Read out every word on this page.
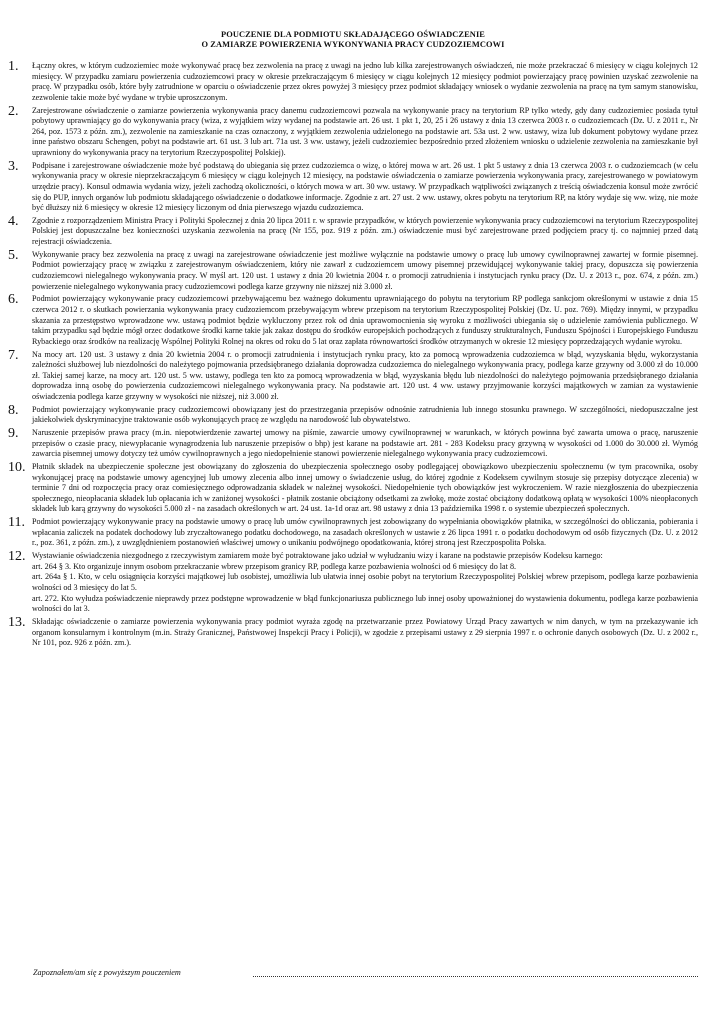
POUCZENIE DLA PODMIOTU SKŁADAJĄCEGO OŚWIADCZENIE
O ZAMIARZE POWIERZENIA WYKONYWANIA PRACY CUDZOZIEMCOWI
1.	Łączny okres, w którym cudzoziemiec może wykonywać pracę bez zezwolenia na pracę z uwagi na jedno lub kilka zarejestrowanych oświadczeń, nie może przekraczać 6 miesięcy w ciągu kolejnych 12 miesięcy. W przypadku zamiaru powierzenia cudzoziemcowi pracy w okresie przekraczającym 6 miesięcy w ciągu kolejnych 12 miesięcy podmiot powierzający pracę powinien uzyskać zezwolenie na pracę. W przypadku osób, które były zatrudnione w oparciu o oświadczenie przez okres powyżej 3 miesięcy przez podmiot składający wniosek o wydanie zezwolenia na pracę na tym samym stanowisku, zezwolenie takie może być wydane w trybie uproszczonym.

2.	Zarejestrowane oświadczenie o zamiarze powierzenia wykonywania pracy danemu cudzoziemcowi pozwala na wykonywanie pracy na terytorium RP tylko wtedy, gdy dany cudzoziemiec posiada tytuł pobytowy uprawniający go do wykonywania pracy (wiza, z wyjątkiem wizy wydanej na podstawie art. 26 ust. 1 pkt 1, 20, 25 i 26 ustawy z dnia 13 czerwca 2003 r. o cudzoziemcach (Dz. U. z 2011 r., Nr 264, poz. 1573 z późn. zm.), zezwolenie na zamieszkanie na czas oznaczony, z wyjątkiem zezwolenia udzielonego na podstawie art. 53a ust. 2 ww. ustawy, wiza lub dokument pobytowy wydane przez inne państwo obszaru Schengen, pobyt na podstawie art. 61 ust. 3 lub art. 71a ust. 3 ww. ustawy, jeżeli cudzoziemiec bezpośrednio przed złożeniem wniosku o udzielenie zezwolenia na zamieszkanie był uprawniony do wykonywania pracy na terytorium Rzeczypospolitej Polskiej).

3.	Podpisane i zarejestrowane oświadczenie może być podstawą do ubiegania się przez cudzoziemca o wizę, o której mowa w art. 26 ust. 1 pkt 5 ustawy z dnia 13 czerwca 2003 r. o cudzoziemcach (w celu wykonywania pracy w okresie nieprzekraczającym 6 miesięcy w ciągu kolejnych 12 miesięcy, na podstawie oświadczenia o zamiarze powierzenia wykonywania pracy, zarejestrowanego w powiatowym urzędzie pracy). Konsul odmawia wydania wizy, jeżeli zachodzą okoliczności, o których mowa w art. 30 ww. ustawy. W przypadkach wątpliwości związanych z treścią oświadczenia konsul może zwrócić się do PUP, innych organów lub podmiotu składającego oświadczenie o dodatkowe informacje. Zgodnie z art. 27 ust. 2 ww. ustawy, okres pobytu na terytorium RP, na który wydaje się ww. wizę, nie może być dłuższy niż 6 miesięcy w okresie 12 miesięcy liczonym od dnia pierwszego wjazdu cudzoziemca.

4.	Zgodnie z rozporządzeniem Ministra Pracy i Polityki Społecznej z dnia 20 lipca 2011 r. w sprawie przypadków, w których powierzenie wykonywania pracy cudzoziemcowi na terytorium Rzeczypospolitej Polskiej jest dopuszczalne bez konieczności uzyskania zezwolenia na pracę (Nr 155, poz. 919 z późn. zm.) oświadczenie musi być zarejestrowane przed podjęciem pracy tj. co najmniej przed datą rejestracji oświadczenia.

5.	Wykonywanie pracy bez zezwolenia na pracę z uwagi na zarejestrowane oświadczenie jest możliwe wyłącznie na podstawie umowy o pracę lub umowy cywilnoprawnej zawartej w formie pisemnej. Podmiot powierzający pracę w związku z zarejestrowanym oświadczeniem, który nie zawarł z cudzoziemcem umowy pisemnej przewidującej wykonywanie takiej pracy, dopuszcza się powierzenia cudzoziemcowi nielegalnego wykonywania pracy. W myśl art. 120 ust. 1 ustawy z dnia 20 kwietnia 2004 r. o promocji zatrudnienia i instytucjach rynku pracy (Dz. U. z 2013 r., poz. 674, z późn. zm.) powierzenie nielegalnego wykonywania pracy cudzoziemcowi podlega karze grzywny nie niższej niż 3.000 zł.

6.	Podmiot powierzający wykonywanie pracy cudzoziemcowi przebywającemu bez ważnego dokumentu uprawniającego do pobytu na terytorium RP podlega sankcjom określonymi w ustawie z dnia 15 czerwca 2012 r. o skutkach powierzania wykonywania pracy cudzoziemcom przebywającym wbrew przepisom na terytorium Rzeczypospolitej Polskiej (Dz. U. poz. 769). Między innymi, w przypadku skazania za przestępstwo wprowadzone ww. ustawą podmiot będzie wykluczony przez rok od dnia uprawomocnienia się wyroku z możliwości ubiegania się o udzielenie zamówienia publicznego. W takim przypadku sąd będzie mógł orzec dodatkowe środki karne takie jak zakaz dostępu do środków europejskich pochodzących z funduszy strukturalnych, Funduszu Spójności i Europejskiego Funduszu Rybackiego oraz środków na realizację Wspólnej Polityki Rolnej na okres od roku do 5 lat oraz zapłata równowartości środków otrzymanych w okresie 12 miesięcy poprzedzających wydanie wyroku.

7.	Na mocy art. 120 ust. 3 ustawy z dnia 20 kwietnia 2004 r. o promocji zatrudnienia i instytucjach rynku pracy, kto za pomocą wprowadzenia cudzoziemca w błąd, wyzyskania błędu, wykorzystania zależności służbowej lub niezdolności do należytego pojmowania przedsiębranego działania doprowadza cudzoziemca do nielegalnego wykonywania pracy, podlega karze grzywny od 3.000 zł do 10.000 zł. Takiej samej karze, na mocy art. 120 ust. 5 ww. ustawy, podlega ten kto za pomocą wprowadzenia w błąd, wyzyskania błędu lub niezdolności do należytego pojmowania przedsiębranego działania doprowadza inną osobę do powierzenia cudzoziemcowi nielegalnego wykonywania pracy. Na podstawie art. 120 ust. 4 ww. ustawy przyjmowanie korzyści majątkowych w zamian za wystawienie oświadczenia podlega karze grzywny w wysokości nie niższej, niż 3.000 zł.

8.	Podmiot powierzający wykonywanie pracy cudzoziemcowi obowiązany jest do przestrzegania przepisów odnośnie zatrudnienia lub innego stosunku prawnego. W szczególności, niedopuszczalne jest jakiekolwiek dyskryminacyjne traktowanie osób wykonujących pracę ze względu na narodowość lub obywatelstwo.

9.	Naruszenie przepisów prawa pracy (m.in. niepotwierdzenie zawartej umowy na piśmie, zawarcie umowy cywilnoprawnej w warunkach, w których powinna być zawarta umowa o pracę, naruszenie przepisów o czasie pracy, niewypłacanie wynagrodzenia lub naruszenie przepisów o bhp) jest karane na podstawie art. 281 - 283 Kodeksu pracy grzywną w wysokości od 1.000 do 30.000 zł. Wymóg zawarcia pisemnej umowy dotyczy też umów cywilnoprawnych a jego niedopełnienie stanowi powierzenie nielegalnego wykonywania pracy cudzoziemcowi.

10. Płatnik składek na ubezpieczenie społeczne jest obowiązany do zgłoszenia do ubezpieczenia społecznego osoby podlegającej obowiązkowo ubezpieczeniu społecznemu (w tym pracownika, osoby wykonującej pracę na podstawie umowy agencyjnej lub umowy zlecenia albo innej umowy o świadczenie usług, do której zgodnie z Kodeksem cywilnym stosuje się przepisy dotyczące zlecenia) w terminie 7 dni od rozpoczęcia pracy oraz comiesięcznego odprowadzania składek w należnej wysokości. Niedopełnienie tych obowiązków jest wykroczeniem. W razie niezgłoszenia do ubezpieczenia społecznego, nieopłacania składek lub opłacania ich w zaniżonej wysokości - płatnik zostanie obciążony odsetkami za zwłokę, może zostać obciążony dodatkową opłatą w wysokości 100% nieopłaconych składek lub karą grzywny do wysokości 5.000 zł - na zasadach określonych w art. 24 ust. 1a-1d oraz art. 98 ustawy z dnia 13 października 1998 r. o systemie ubezpieczeń społecznych.

11. Podmiot powierzający wykonywanie pracy na podstawie umowy o pracę lub umów cywilnoprawnych jest zobowiązany do wypełniania obowiązków płatnika, w szczególności do obliczania, pobierania i wpłacania zaliczek na podatek dochodowy lub zryczałtowanego podatku dochodowego, na zasadach określonych w ustawie z 26 lipca 1991 r. o podatku dochodowym od osób fizycznych (Dz. U. z 2012 r., poz. 361, z późn. zm.), z uwzględnieniem postanowień właściwej umowy o unikaniu podwójnego opodatkowania, której stroną jest Rzeczpospolita Polska.

12. Wystawianie oświadczenia niezgodnego z rzeczywistym zamiarem może być potraktowane jako udział w wyłudzaniu wizy i karane na podstawie przepisów Kodeksu karnego:

art. 264 § 3. Kto organizuje innym osobom przekraczanie wbrew przepisom granicy RP, podlega karze pozbawienia wolności od 6 miesięcy do lat 8.

art. 264a § 1. Kto, w celu osiągnięcia korzyści majątkowej lub osobistej, umożliwia lub ułatwia innej osobie pobyt na terytorium Rzeczypospolitej Polskiej wbrew przepisom, podlega karze pozbawienia wolności od 3 miesięcy do lat 5.

art. 272. Kto wyłudza poświadczenie nieprawdy przez podstępne wprowadzenie w błąd funkcjonariusza publicznego lub innej osoby upoważnionej do wystawienia dokumentu, podlega karze pozbawienia wolności do lat 3.

13. Składając oświadczenie o zamiarze powierzenia wykonywania pracy podmiot wyraża zgodę na przetwarzanie przez Powiatowy Urząd Pracy zawartych w nim danych, w tym na przekazywanie ich organom konsularnym i kontrolnym (m.in. Straży Granicznej, Państwowej Inspekcji Pracy i Policji), w zgodzie z przepisami ustawy z 29 sierpnia 1997 r. o ochronie danych osobowych (Dz. U. z 2002 r., Nr 101, poz. 926 z późn. zm.).

Zapoznałem/am się z powyższym pouczeniem
